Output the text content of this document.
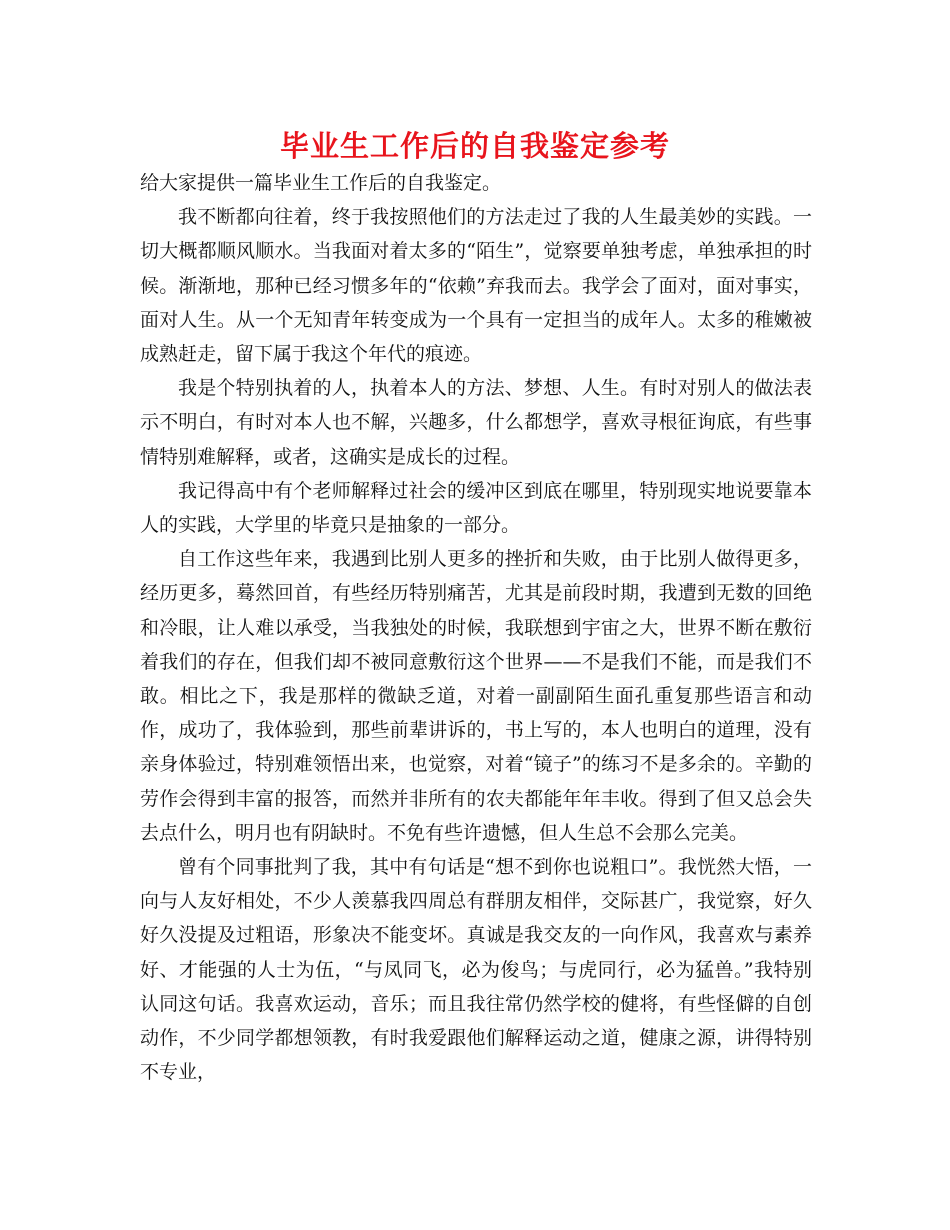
毕业生工作后的自我鉴定参考

给大家提供一篇毕业生工作后的自我鉴定。

我不断都向往着，终于我按照他们的方法走过了我的人生最美妙的实践。一切大概都顺风顺水。当我面对着太多的“陌生”，觉察要单独考虑，单独承担的时候。渐渐地，那种已经习惯多年的“依赖”弃我而去。我学会了面对，面对事实，面对人生。从一个无知青年转变成为一个具有一定担当的成年人。太多的稚嫩被成熟赶走，留下属于我这个年代的痕迹。

我是个特别执着的人，执着本人的方法、梦想、人生。有时对别人的做法表示不明白，有时对本人也不解，兴趣多，什么都想学，喜欢寻根征询底，有些事情特别难解释，或者，这确实是成长的过程。

我记得高中有个老师解释过社会的缓冲区到底在哪里，特别现实地说要靠本人的实践，大学里的毕竟只是抽象的一部分。

自工作这些年来，我遇到比别人更多的挫折和失败，由于比别人做得更多，经历更多，蓦然回首，有些经历特别痛苦，尤其是前段时期，我遭到无数的回绝和冷眼，让人难以承受，当我独处的时候，我联想到宇宙之大，世界不断在敷衍着我们的存在，但我们却不被同意敷衍这个世界——不是我们不能，而是我们不敢。相比之下，我是那样的微缺乏道，对着一副副陌生面孔重复那些语言和动作，成功了，我体验到，那些前辈讲诉的，书上写的，本人也明白的道理，没有亲身体验过，特别难领悟出来，也觉察，对着“镜子”的练习不是多余的。辛勤的劳作会得到丰富的报答，而然并非所有的农夫都能年年丰收。得到了但又总会失去点什么，明月也有阴缺时。不免有些许遗憾，但人生总不会那么完美。

曾有个同事批判了我，其中有句话是“想不到你也说粗口”。我恍然大悟，一向与人友好相处，不少人羡慕我四周总有群朋友相伴，交际甚广，我觉察，好久好久没提及过粗语，形象决不能变坏。真诚是我交友的一向作风，我喜欢与素养好、才能强的人士为伍，“与凤同飞，必为俊鸟；与虎同行，必为猛兽。”我特别认同这句话。我喜欢运动，音乐；而且我往常仍然学校的健将，有些怪僻的自创动作，不少同学都想领教，有时我爱跟他们解释运动之道，健康之源，讲得特别不专业，
